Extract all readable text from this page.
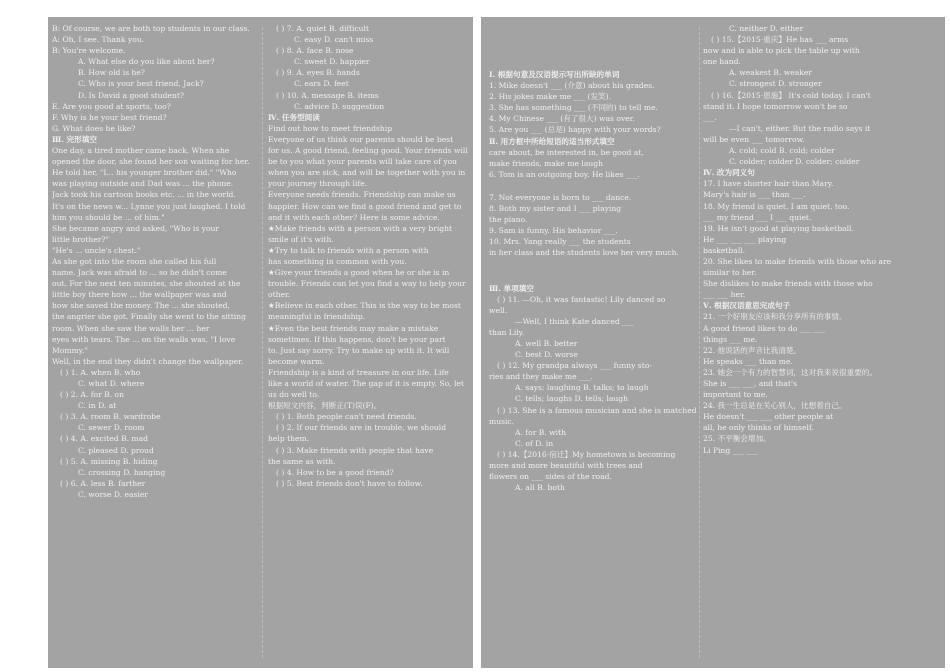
B: Of course, we are both top students in our class.
A: Oh, I see. Thank you.
B: You're welcome.
A. What else do you like about her?
B. How old is he?
C. Who is your best friend, Jack?
D. Is David a good student?
E. Are you good at sports, too?
F. Why is he your best friend?
G. What does he like?
Ⅲ. 完形填空
One day, a tired mother came back. When she
opened the door, she found her son waiting for her.
He told her, "I... his younger brother did." "Who
was playing outside and Dad was ... the phone.
Jack took his cartoon books etc. ... in the world.
It's on the news w... Lynne you just laughed. I told
him you should be ... of him."
She became angry and asked, "Who is your
little brother?"
"He's ... uncle's chest."
As she got into the room she called his full
name. Jack was afraid to ... so he didn't come
out. For the next ten minutes, she shouted at the
little boy there how ... the wallpaper was and
how she saved the money. The ... she shouted,
the angrier she got. Finally she went to the sitting
room. When she saw the walls her ... her
eyes with tears. The ... on the walls was, "I love
Mommy."
Well, in the end they didn't change the wallpaper.
( ) 1. A. when B. who
C. what D. where
( ) 2. A. for B. on
C. in D. at
( ) 3. A. room B. wardrobe
C. sewer D. room
( ) 4. A. excited B. mad
C. pleased D. proud
( ) 5. A. missing B. hiding
C. crossing D. hanging
( ) 6. A. less B. farther
C. worse D. easier
( ) 7. A. quiet B. difficult
C. easy D. can't miss
( ) 8. A. face B. nose
C. sweet D. happier
( ) 9. A. eyes B. hands
C. ears D. feet
( ) 10. A. message B. items
C. advice D. suggestion
Ⅳ. 任务型阅读
Find out how to meet friendship
Everyone of us think our parents should be best
for us. A good friend, feeling good. Your friends will
be to you what your parents will take care of you
when you are sick, and will be together with you in
your journey through life.
Everyone needs friends. Friendship can make us
happier. How can we find a good friend and get to
and it with each other? Here is some advice.
★Make friends with a person with a very bright
smile of it's with.
★Try to talk to friends with a person with
has something in common with you.
★Give your friends a good when he or she is in
trouble. Friends can let you find a way to help your
other.
★Believe in each other. This is the way to be most
meaningful in friendship.
★Even the best friends may make a mistake
sometimes. If this happens, don't be your part
to. Just say sorry. Try to make up with it. It will
become warm.
Friendship is a kind of treasure in our life. Life
like a world of water. The gap of it is empty. So, let
us do well to.
根据短文内容，判断正(T)误(F)。
( ) 1. Both people can't need friends.
( ) 2. If our friends are in trouble, we should
help them.
( ) 3. Make friends with people that have
the same as with.
( ) 4. How to be a good friend?
( ) 5. Best friends don't have to follow.
Ⅰ. 根据句意及汉语提示写出所缺的单词
1. Mike doesn't ___ (介意) about his grades.
2. His jokes make me ___ (发笑).
3. She has something ___ (不同的) to tell me.
4. My Chinese ___ (有了很大) was over.
5. Are you ___ (总是) happy with your words?
Ⅱ. 用方框中所给短语的适当形式填空
care about, be interested in, be good at,
make friends, make me laugh
6. Tom is an outgoing boy. He likes ___.
7. Not everyone is born to ___ dance.
8. Both my sister and I ___ playing
the piano.
9. Sam is funny. His behavior ___.
10. Mrs. Yang really ___ the students
in her class and the students love her very much.
Ⅲ. 单项填空
( ) 11. —Oh, it was fantastic! Lily danced so
well.
—Well, I think Kate danced ___
than Lily.
A. well B. better
C. best D. worse
( ) 12. My grandpa always ___ funny sto-
ries and they make me ___.
A. says; laughing B. talks; to laugh
C. tells; laughs D. tells; laugh
( ) 13. She is a famous musician and she is matched
music.
A. for B. with
C. of D. in
( ) 14.【2016·宿迁】My hometown is becoming
more and more beautiful with trees and
flowers on ___ sides of the road.
A. all B. both
C. neither D. either
( ) 15.【2015·重庆】He has ___ arms
now and is able to pick the table up with
one hand.
A. weakest B. weaker
C. strongest D. stronger
( ) 16.【2015·恩施】 It's cold today. I can't
stand it. I hope tomorrow won't be so
___.
—I can't, either. But the radio says it
will be even ___ tomorrow.
A. cold; cold B. cold; colder
C. colder; colder D. colder; colder
Ⅳ. 改为同义句
17. I have shorter hair than Mary.
Mary's hair is ___ than ___.
18. My friend is quiet. I am quiet, too.
___ my friend ___ I ___ quiet.
19. He isn't good at playing basketball.
He ___ ___ ___ playing
basketball.
20. She likes to make friends with those who are
similar to her.
She dislikes to make friends with those who
___ ___ her.
Ⅴ. 根据汉语意思完成句子
21. 一个好朋友应该和我分享所有的事情。
A good friend likes to do ___ ___
things ___ me.
22. 他说话的声音比我清楚。
He speaks ___ than me.
23. 她会一个有力的智慧词，这对我来说很重要的。
She is ___ ___, and that's
important to me.
24. 我一生总是在关心别人，比想着自己。
He doesn't ___ ___ other people at
all, he only thinks of himself.
25. 不平衡会增加。
Li Ping ___ ___
